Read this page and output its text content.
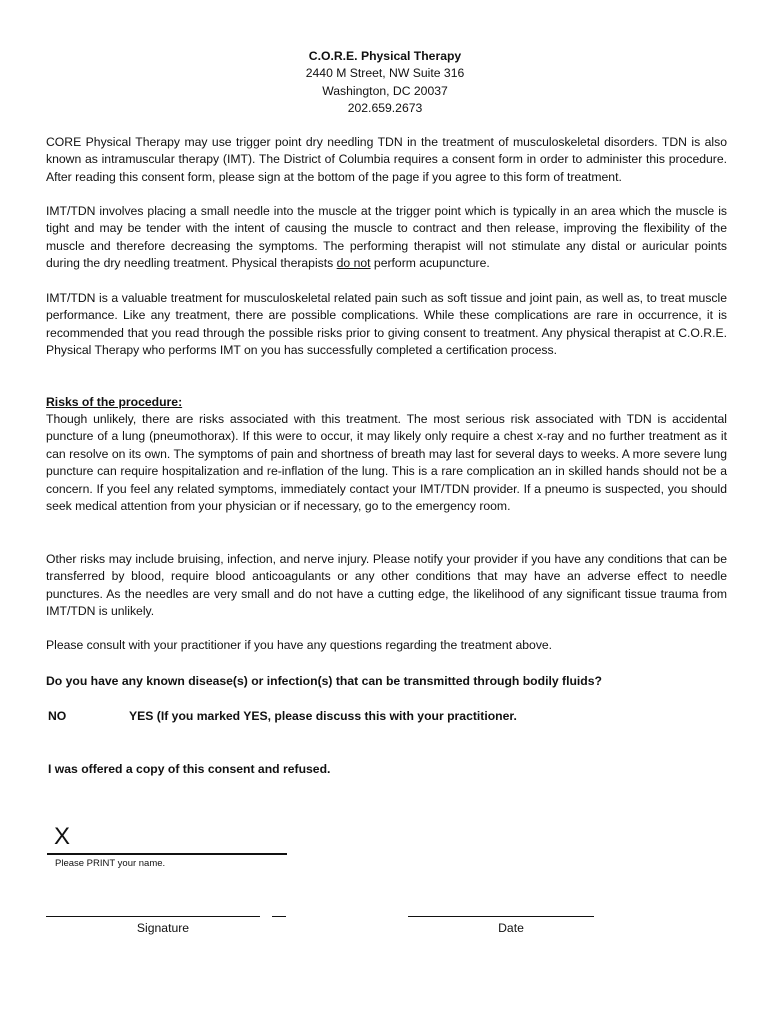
C.O.R.E. Physical Therapy
2440 M Street, NW Suite 316
Washington, DC 20037
202.659.2673
CORE Physical Therapy may use trigger point dry needling TDN in the treatment of musculoskeletal disorders. TDN is also known as intramuscular therapy (IMT). The District of Columbia requires a consent form in order to administer this procedure. After reading this consent form, please sign at the bottom of the page if you agree to this form of treatment.
IMT/TDN involves placing a small needle into the muscle at the trigger point which is typically in an area which the muscle is tight and may be tender with the intent of causing the muscle to contract and then release, improving the flexibility of the muscle and therefore decreasing the symptoms. The performing therapist will not stimulate any distal or auricular points during the dry needling treatment. Physical therapists do not perform acupuncture.
IMT/TDN is a valuable treatment for musculoskeletal related pain such as soft tissue and joint pain, as well as, to treat muscle performance. Like any treatment, there are possible complications. While these complications are rare in occurrence, it is recommended that you read through the possible risks prior to giving consent to treatment. Any physical therapist at C.O.R.E. Physical Therapy who performs IMT on you has successfully completed a certification process.
Risks of the procedure:
Though unlikely, there are risks associated with this treatment. The most serious risk associated with TDN is accidental puncture of a lung (pneumothorax). If this were to occur, it may likely only require a chest x-ray and no further treatment as it can resolve on its own. The symptoms of pain and shortness of breath may last for several days to weeks. A more severe lung puncture can require hospitalization and re-inflation of the lung. This is a rare complication an in skilled hands should not be a concern. If you feel any related symptoms, immediately contact your IMT/TDN provider. If a pneumo is suspected, you should seek medical attention from your physician or if necessary, go to the emergency room.
Other risks may include bruising, infection, and nerve injury. Please notify your provider if you have any conditions that can be transferred by blood, require blood anticoagulants or any other conditions that may have an adverse effect to needle punctures. As the needles are very small and do not have a cutting edge, the likelihood of any significant tissue trauma from IMT/TDN is unlikely.
Please consult with your practitioner if you have any questions regarding the treatment above.
Do you have any known disease(s) or infection(s) that can be transmitted through bodily fluids?
NO	YES (If you marked YES, please discuss this with your practitioner.
I was offered a copy of this consent and refused.
X
Please PRINT your name.
Signature	Date
